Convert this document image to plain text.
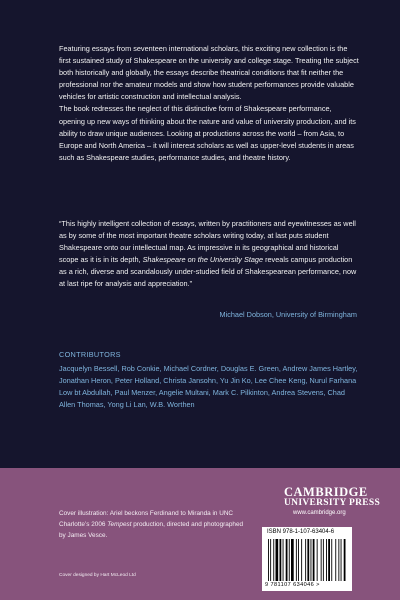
Featuring essays from seventeen international scholars, this exciting new collection is the first sustained study of Shakespeare on the university and college stage. Treating the subject both historically and globally, the essays describe theatrical conditions that fit neither the professional nor the amateur models and show how student performances provide valuable vehicles for artistic construction and intellectual analysis.

The book redresses the neglect of this distinctive form of Shakespeare performance, opening up new ways of thinking about the nature and value of university production, and its ability to draw unique audiences. Looking at productions across the world – from Asia, to Europe and North America – it will interest scholars as well as upper-level students in areas such as Shakespeare studies, performance studies, and theatre history.

“This highly intelligent collection of essays, written by practitioners and eyewitnesses as well as by some of the most important theatre scholars writing today, at last puts student Shakespeare onto our intellectual map. As impressive in its geographical and historical scope as it is in its depth, Shakespeare on the University Stage reveals campus production as a rich, diverse and scandalously under-studied field of Shakespearean performance, now at last ripe for analysis and appreciation.”

Michael Dobson, University of Birmingham
CONTRIBUTORS
Jacquelyn Bessell, Rob Conkie, Michael Cordner, Douglas E. Green, Andrew James Hartley, Jonathan Heron, Peter Holland, Christa Jansohn, Yu Jin Ko, Lee Chee Keng, Nurul Farhana Low bt Abdullah, Paul Menzer, Angelie Multani, Mark C. Pilkinton, Andrea Stevens, Chad Allen Thomas, Yong Li Lan, W.B. Worthen
Cover illustration: Ariel beckons Ferdinand to Miranda in UNC Charlotte’s 2006 Tempest production, directed and photographed by James Vesce.
Cover designed by Hart McLeod Ltd
CAMBRIDGE
UNIVERSITY PRESS
www.cambridge.org
ISBN 978-1-107-63404-6
9 781107 634046 >
